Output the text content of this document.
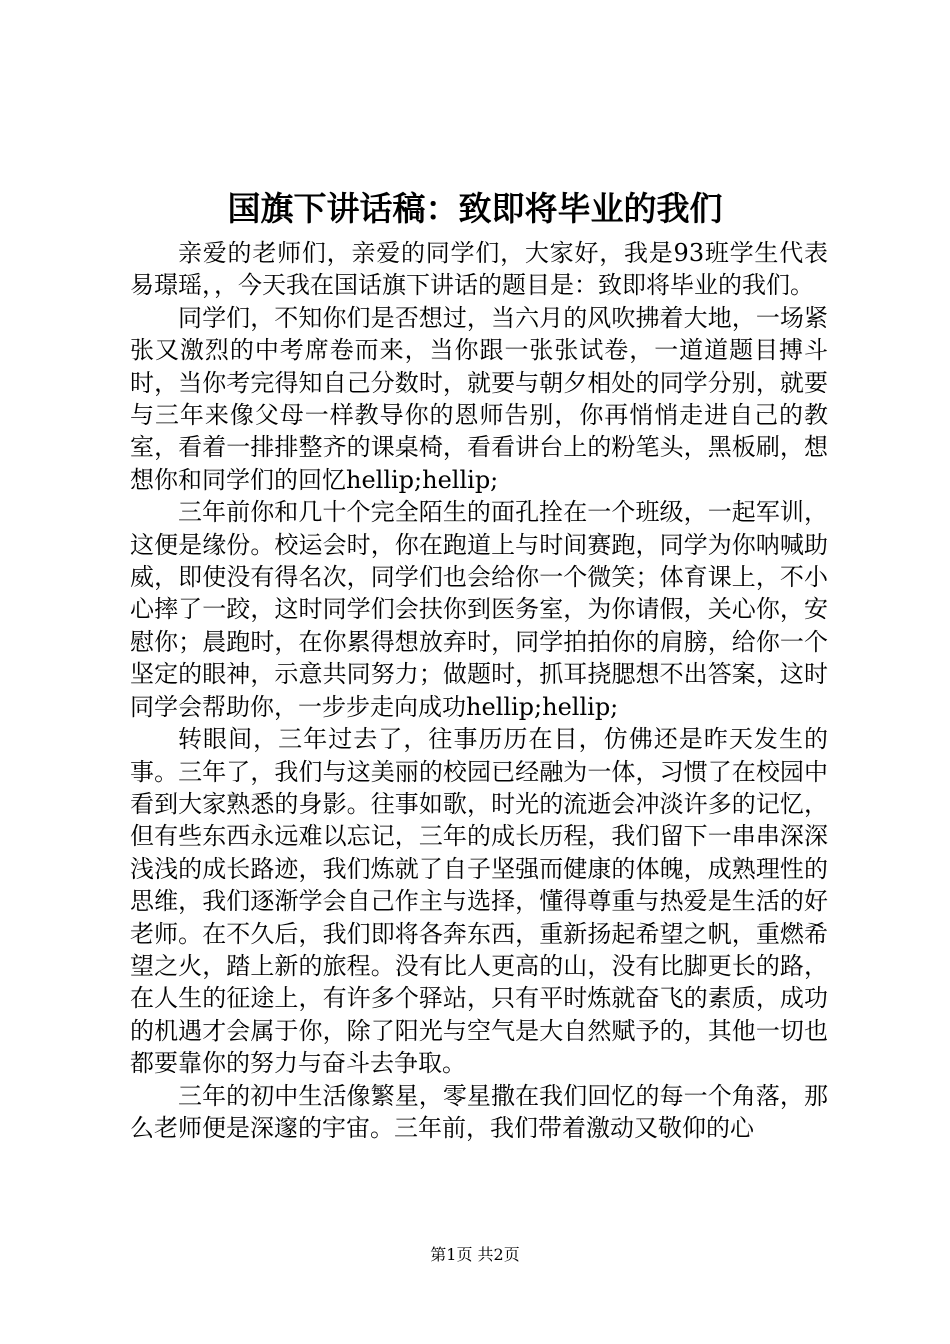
国旗下讲话稿：致即将毕业的我们

亲爱的老师们，亲爱的同学们，大家好，我是93班学生代表易璟瑶，，今天我在国话旗下讲话的题目是：致即将毕业的我们。

同学们，不知你们是否想过，当六月的风吹拂着大地，一场紧张又激烈的中考席卷而来，当你跟一张张试卷，一道道题目搏斗时，当你考完得知自己分数时，就要与朝夕相处的同学分别，就要与三年来像父母一样教导你的恩师告别，你再悄悄走进自己的教室，看着一排排整齐的课桌椅，看看讲台上的粉笔头，黑板刷，想想你和同学们的回忆hellip;hellip;

三年前你和几十个完全陌生的面孔拴在一个班级，一起军训，这便是缘份。校运会时，你在跑道上与时间赛跑，同学为你呐喊助威，即使没有得名次，同学们也会给你一个微笑；体育课上，不小心摔了一跤，这时同学们会扶你到医务室，为你请假，关心你，安慰你；晨跑时，在你累得想放弃时，同学拍拍你的肩膀，给你一个坚定的眼神，示意共同努力；做题时，抓耳挠腮想不出答案，这时同学会帮助你，一步步走向成功hellip;hellip;

转眼间，三年过去了，往事历历在目，仿佛还是昨天发生的事。三年了，我们与这美丽的校园已经融为一体，习惯了在校园中看到大家熟悉的身影。往事如歌，时光的流逝会冲淡许多的记忆，但有些东西永远难以忘记，三年的成长历程，我们留下一串串深深浅浅的成长路迹，我们炼就了自子坚强而健康的体魄，成熟理性的思维，我们逐渐学会自己作主与选择，懂得尊重与热爱是生活的好老师。在不久后，我们即将各奔东西，重新扬起希望之帆，重燃希望之火，踏上新的旅程。没有比人更高的山，没有比脚更长的路，在人生的征途上，有许多个驿站，只有平时炼就奋飞的素质，成功的机遇才会属于你，除了阳光与空气是大自然赋予的，其他一切也都要靠你的努力与奋斗去争取。

三年的初中生活像繁星，零星撒在我们回忆的每一个角落，那么老师便是深邃的宇宙。三年前，我们带着激动又敬仰的心

第1页 共2页
